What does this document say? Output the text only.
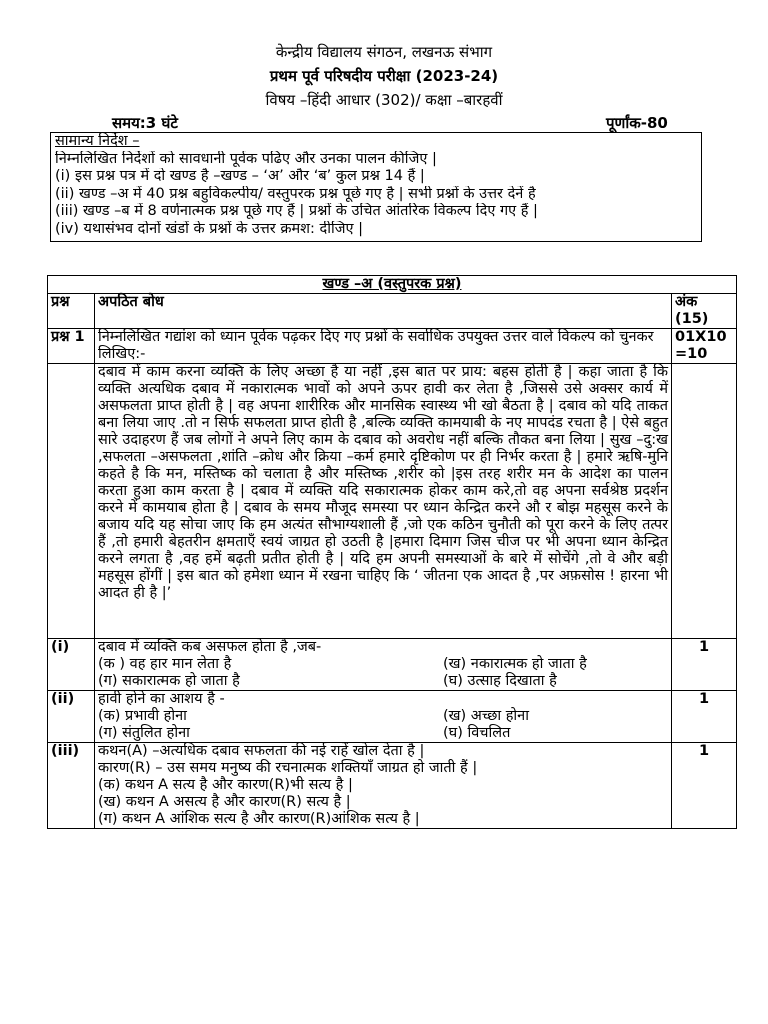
केन्द्रीय विद्यालय संगठन, लखनऊ संभाग
प्रथम पूर्व परिषदीय परीक्षा (2023-24)
विषय –हिंदी आधार (302)/ कक्षा –बारहवीं
समय:3 घंटे	पूर्णांक-80
सामान्य निर्देश –
निम्नलिखित निर्देशों को सावधानी पूर्वक पढिए और उनका पालन कीजिए |
(i) इस प्रश्न पत्र में दो खण्ड है –खण्ड – ‘अ’ और ‘ब’ कुल प्रश्न 14 हैं |
(ii) खण्ड –अ में 40 प्रश्न बहुविकल्पीय/ वस्तुपरक प्रश्न पूछे गए है | सभी प्रश्नों के उत्तर देनें है
(iii) खण्ड –ब में 8 वर्णनात्मक प्रश्न पूछे गए हैं | प्रश्नों के उचित आंतरिक विकल्प दिए गए हैं |
(iv) यथासंभव दोनों खंडों के प्रश्नों के उत्तर क्रमश: दीजिए |
खण्ड –अ (वस्तुपरक प्रश्न)		
प्रश्न	अपठित बोध	अंक (15)
प्रश्न 1	निम्नलिखित गद्यांश को ध्यान पूर्वक पढ़कर दिए गए प्रश्नों के सर्वाधिक उपयुक्त उत्तर वाले विकल्प को चुनकर लिखिए:-	01X10=10
	दबाव में काम करना व्यक्ति के लिए अच्छा है या नहीं ,इस बात पर प्राय: बहस होती है | कहा जाता है कि व्यक्ति अत्यधिक दबाव में नकारात्मक भावों को अपने ऊपर हावी कर लेता है ,जिससे उसे अक्सर कार्य में असफलता प्राप्त होती है | वह अपना शारीरिक और मानसिक स्वास्थ्य भी खो बैठता है | दबाव को यदि ताकत बना लिया जाए .तो न सिर्फ सफलता प्राप्त होती है ,बल्कि व्यक्ति कामयाबी के नए मापदंड रचता है | ऐसे बहुत सारे उदाहरण हैं जब लोगों ने अपने लिए काम के दबाव को अवरोध नहीं बल्कि तौकत बना लिया | सुख –दु:ख ,सफलता –असफलता ,शांति –क्रोध और क्रिया –कर्म हमारे दृष्टिकोण पर ही निर्भर करता है | हमारे ऋषि-मुनि कहते है कि मन, मस्तिष्क को चलाता है और मस्तिष्क ,शरीर को |इस तरह शरीर मन के आदेश का पालन करता हुआ काम करता है | दबाव में व्यक्ति यदि सकारात्मक होकर काम करे,तो वह अपना सर्वश्रेष्ठ प्रदर्शन करने में कामयाब होता है | दबाव के समय मौजूद समस्या पर ध्यान केन्द्रित करने औ र बोझ महसूस करने के बजाय यदि यह सोचा जाए कि हम अत्यंत सौभाग्यशाली हैं ,जो एक कठिन चुनौती को पूरा करने के लिए तत्पर हैं ,तो हमारी बेहतरीन क्षमताएँ स्वयं जाग्रत हो उठती है |हमारा दिमाग जिस चीज पर भी अपना ध्यान केन्द्रित करने लगता है ,वह हमें बढ़ती प्रतीत होती है | यदि हम अपनी समस्याओं के बारे में सोचेंगे ,तो वे और बड़ी महसूस होंगीं | इस बात को हमेशा ध्यान में रखना चाहिए कि ‘ जीतना एक आदत है ,पर अफ़सोस ! हारना भी आदत ही है |’	
(i)	दबाव में व्यक्ति कब असफल होता है ,जब-
(क ) वह हार मान लेता है (ख) नकारात्मक हो जाता है
(ग) सकारात्मक हो जाता है (घ) उत्साह दिखाता है	1
(ii)	हावी होने का आशय है -
(क) प्रभावी होना (ख) अच्छा होना
(ग) संतुलित होना (घ) विचलित	1
(iii)	कथन(A) –अत्यधिक दबाव सफलता की नई राहें खोल देता है |
कारण(R) – उस समय मनुष्य की रचनात्मक शक्तियाँ जाग्रत हो जाती हैं |
(क) कथन A सत्य है और कारण(R)भी सत्य है |
(ख) कथन A असत्य है और कारण(R) सत्य है |
(ग) कथन A आंशिक सत्य है और कारण(R)आंशिक सत्य है |	1
